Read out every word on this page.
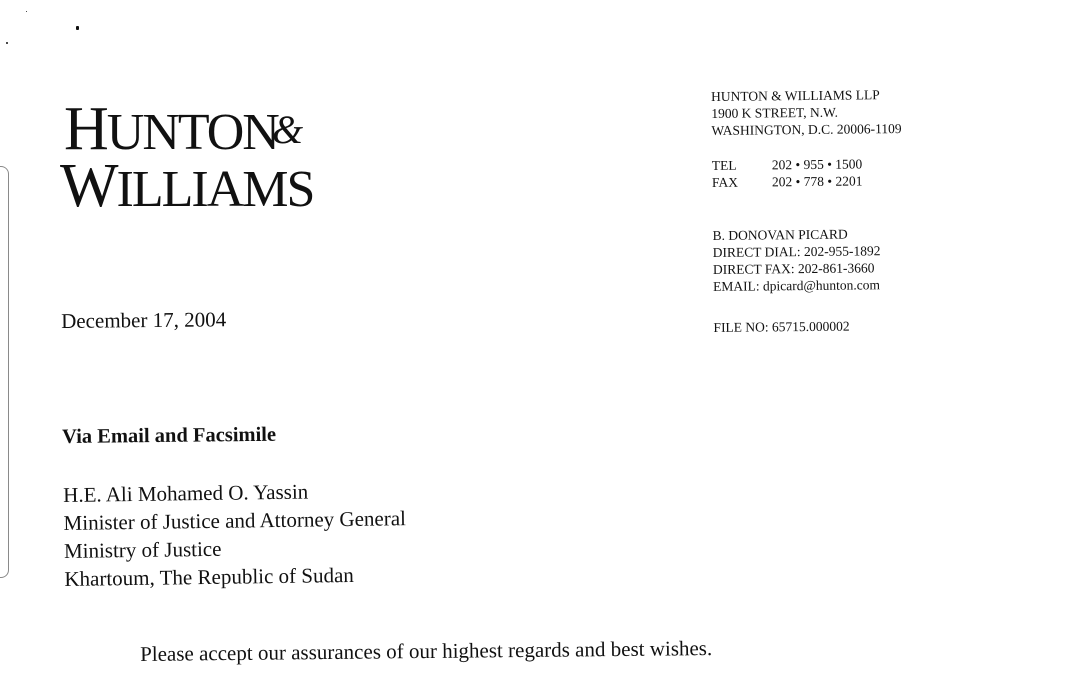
HUNTON
&
WILLIAMS
HUNTON & WILLIAMS LLP
1900 K STREET, N.W.
WASHINGTON, D.C. 20006-1109
TEL	202 • 955 • 1500
FAX	202 • 778 • 2201
B. DONOVAN PICARD
DIRECT DIAL: 202-955-1892
DIRECT FAX: 202-861-3660
EMAIL: dpicard@hunton.com
FILE NO: 65715.000002
December 17, 2004
Via Email and Facsimile
H.E. Ali Mohamed O. Yassin
Minister of Justice and Attorney General
Ministry of Justice
Khartoum, The Republic of Sudan
Please accept our assurances of our highest regards and best wishes.
